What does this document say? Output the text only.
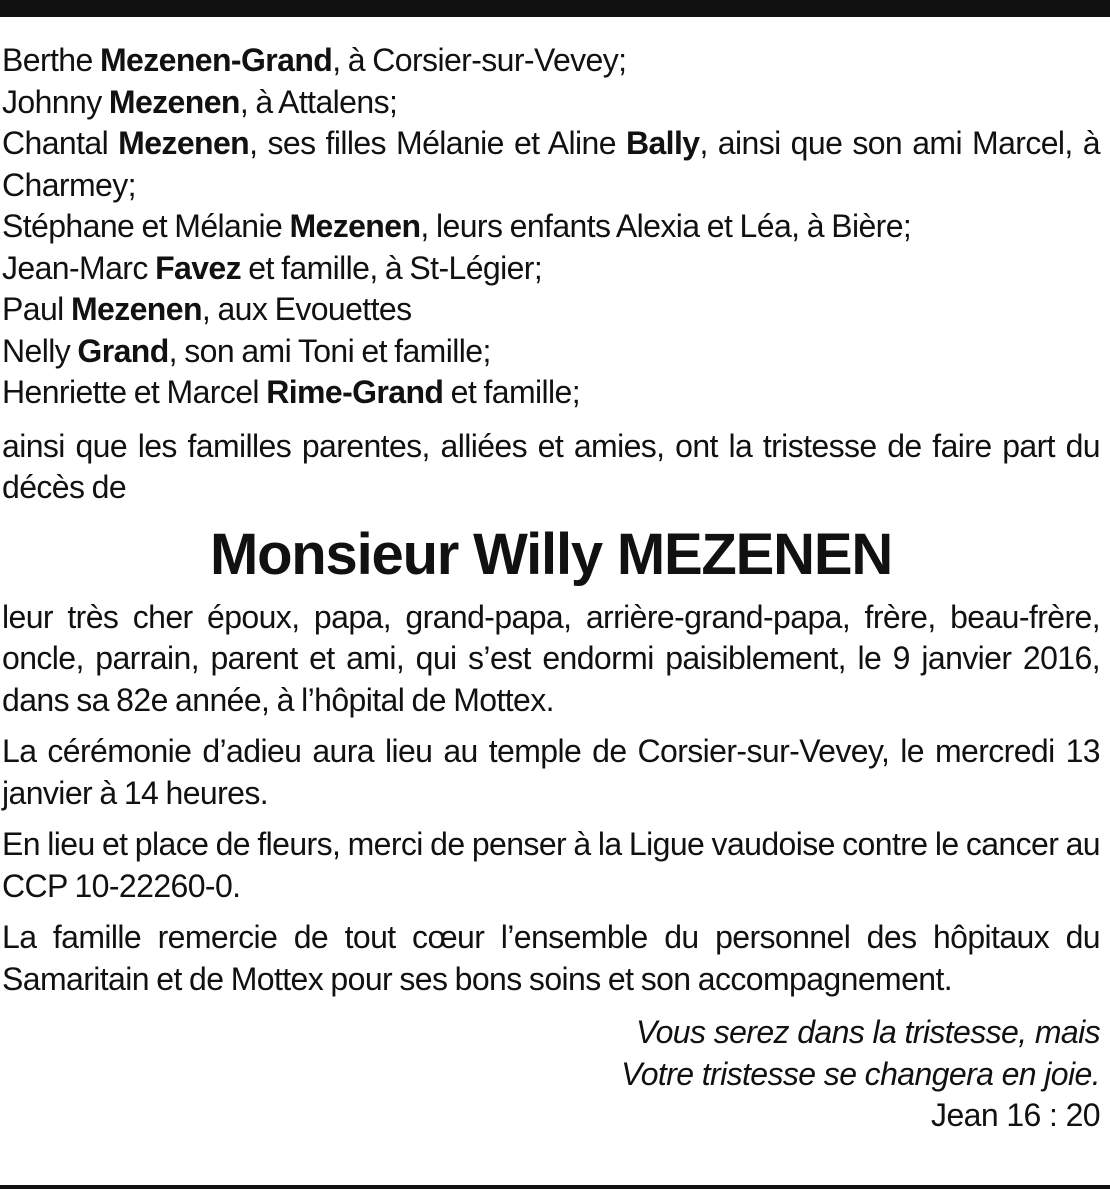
Berthe Mezenen-Grand, à Corsier-sur-Vevey;
Johnny Mezenen, à Attalens;
Chantal Mezenen, ses filles Mélanie et Aline Bally, ainsi que son ami Marcel, à Charmey;
Stéphane et Mélanie Mezenen, leurs enfants Alexia et Léa, à Bière;
Jean-Marc Favez et famille, à St-Légier;
Paul Mezenen, aux Evouettes
Nelly Grand, son ami Toni et famille;
Henriette et Marcel Rime-Grand et famille;
ainsi que les familles parentes, alliées et amies, ont la tristesse de faire part du décès de
Monsieur Willy MEZENEN
leur très cher époux, papa, grand-papa, arrière-grand-papa, frère, beau-frère, oncle, parrain, parent et ami, qui s’est endormi paisiblement, le 9 janvier 2016, dans sa 82e année, à l’hôpital de Mottex.
La cérémonie d’adieu aura lieu au temple de Corsier-sur-Vevey, le mercredi 13 janvier à 14 heures.
En lieu et place de fleurs, merci de penser à la Ligue vaudoise contre le cancer au CCP 10-22260-0.
La famille remercie de tout cœur l’ensemble du personnel des hôpitaux du Samaritain et de Mottex pour ses bons soins et son accompagnement.
Vous serez dans la tristesse, mais
Votre tristesse se changera en joie.
Jean 16 : 20
